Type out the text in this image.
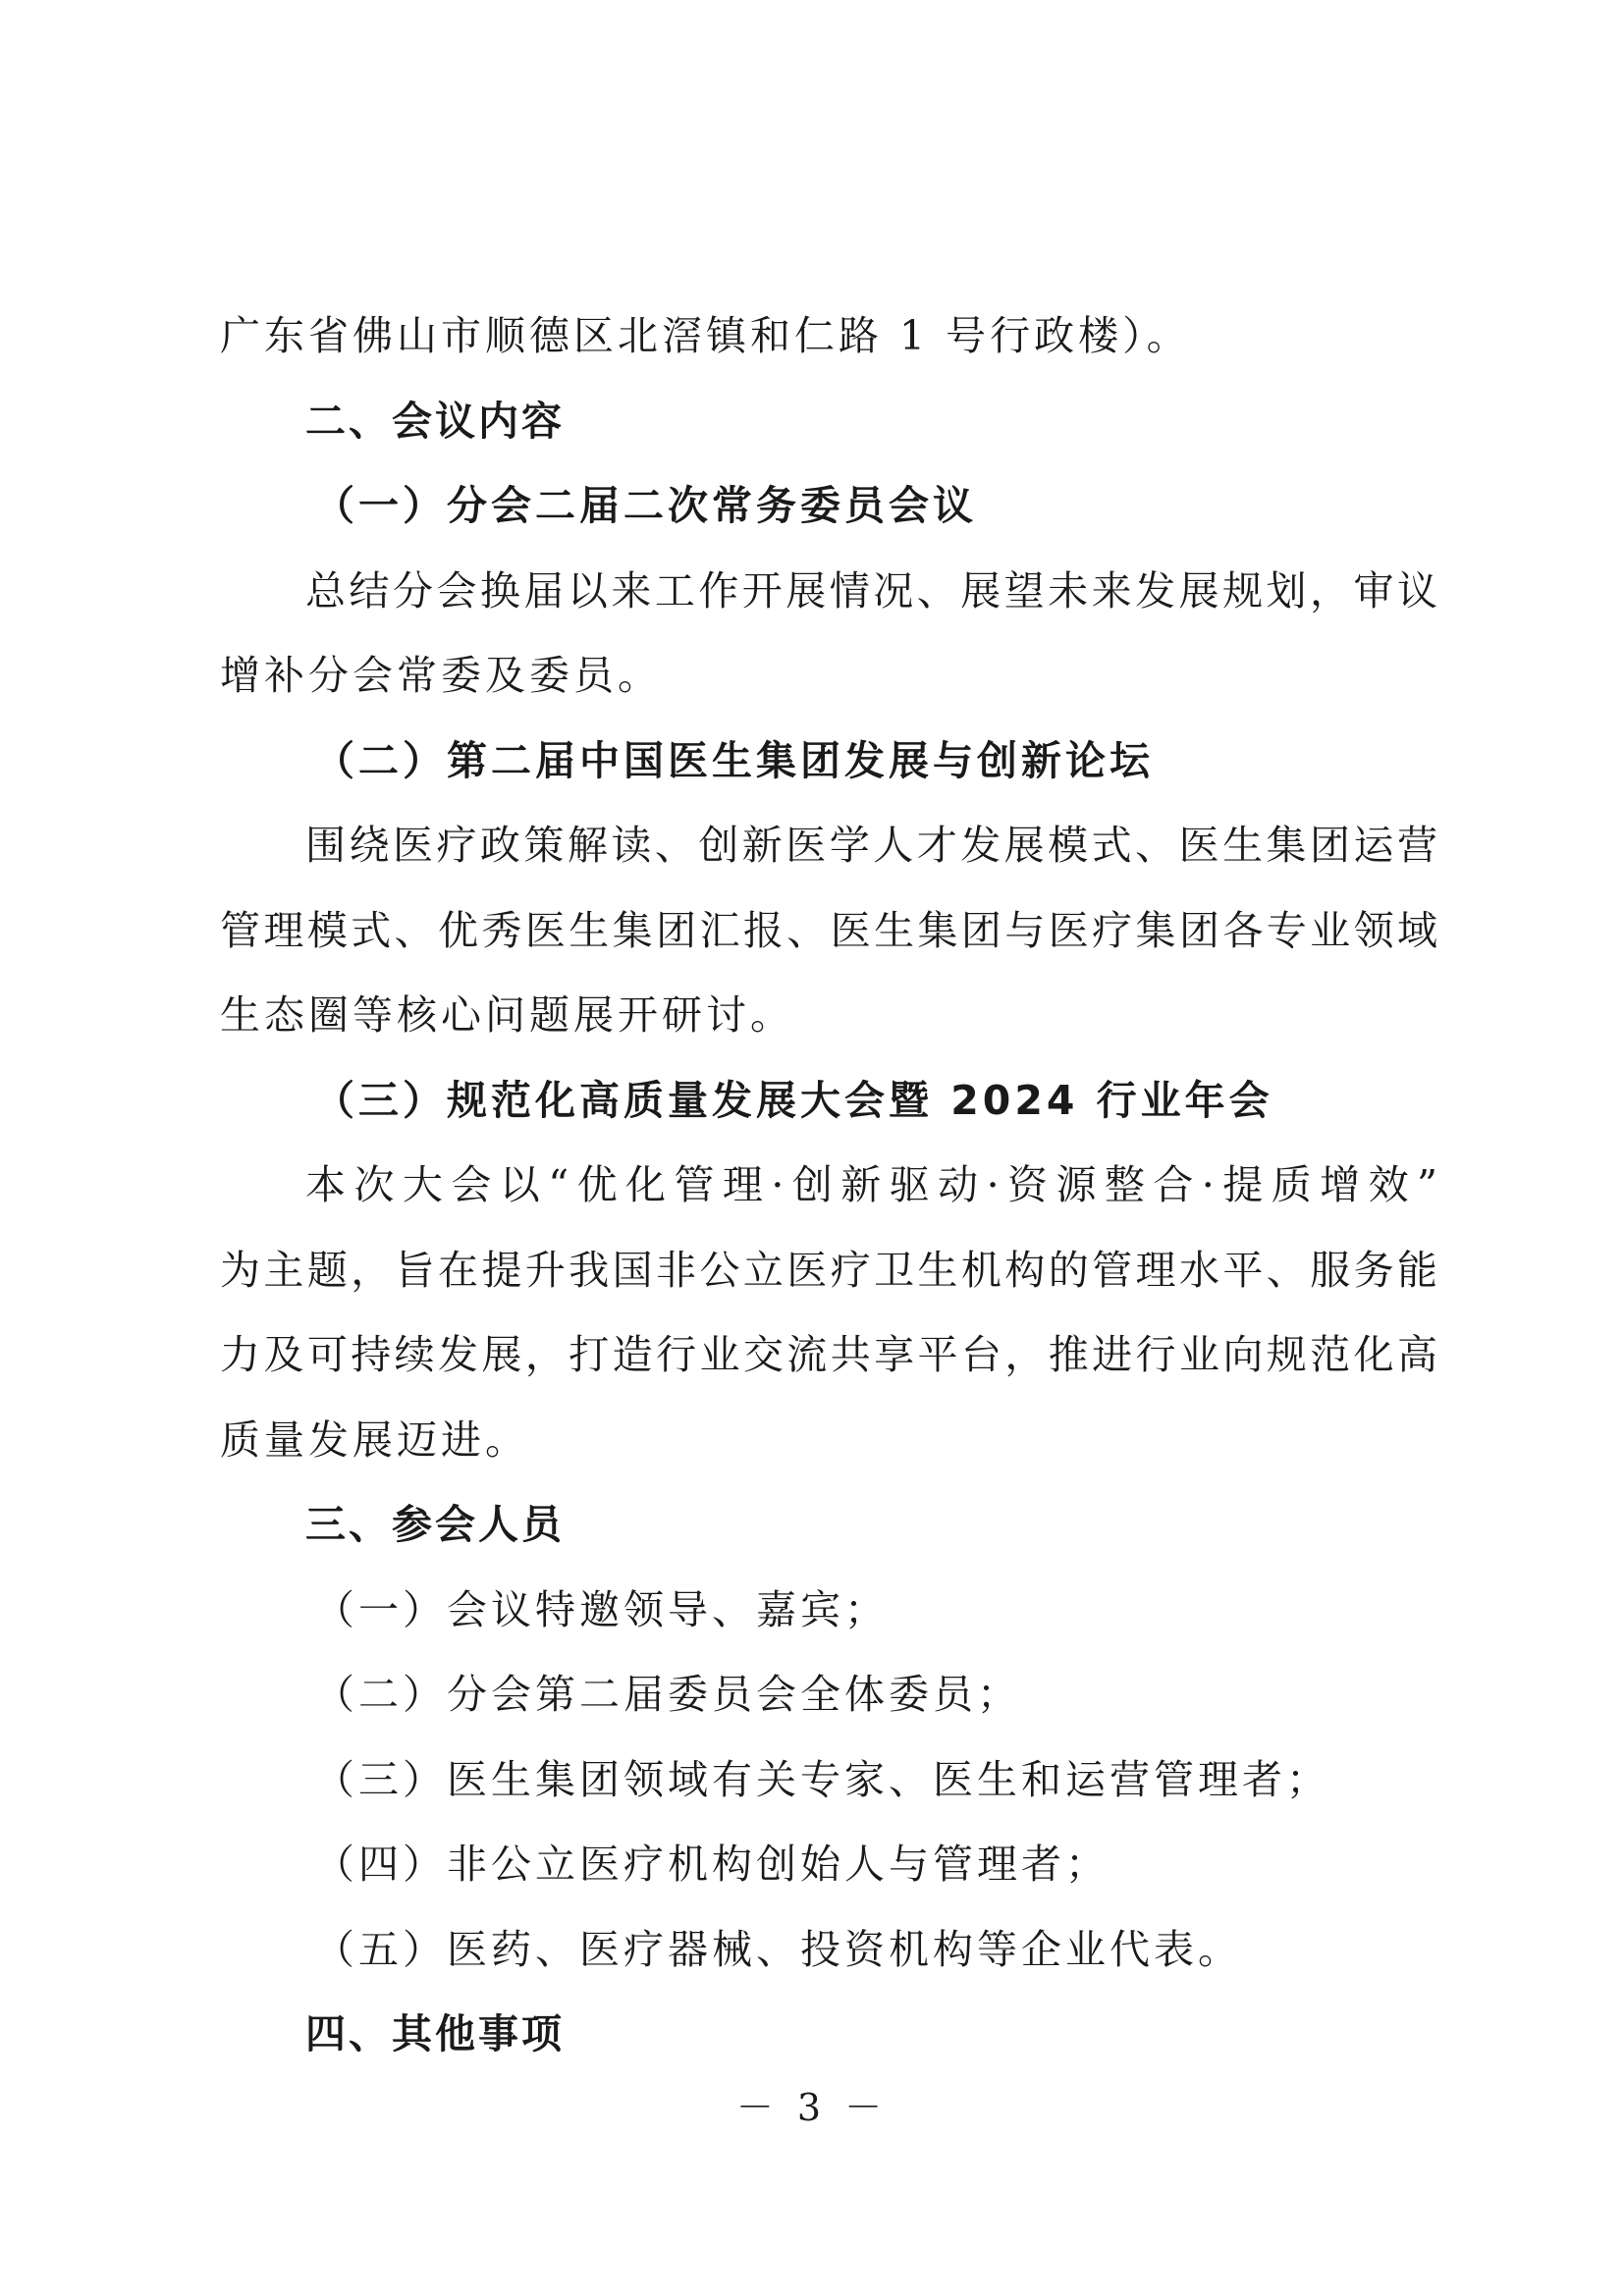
广东省佛山市顺德区北滘镇和仁路 1 号行政楼）。
二、会议内容
（一）分会二届二次常务委员会议
总结分会换届以来工作开展情况、展望未来发展规划，审议
增补分会常委及委员。
（二）第二届中国医生集团发展与创新论坛
围绕医疗政策解读、创新医学人才发展模式、医生集团运营
管理模式、优秀医生集团汇报、医生集团与医疗集团各专业领域
生态圈等核心问题展开研讨。
（三）规范化高质量发展大会暨 2024 行业年会
本次大会以“优化管理·创新驱动·资源整合·提质增效”
为主题，旨在提升我国非公立医疗卫生机构的管理水平、服务能
力及可持续发展，打造行业交流共享平台，推进行业向规范化高
质量发展迈进。
三、参会人员
（一）会议特邀领导、嘉宾；
（二）分会第二届委员会全体委员；
（三）医生集团领域有关专家、医生和运营管理者；
（四）非公立医疗机构创始人与管理者；
（五）医药、医疗器械、投资机构等企业代表。
四、其他事项
－ 3 －
